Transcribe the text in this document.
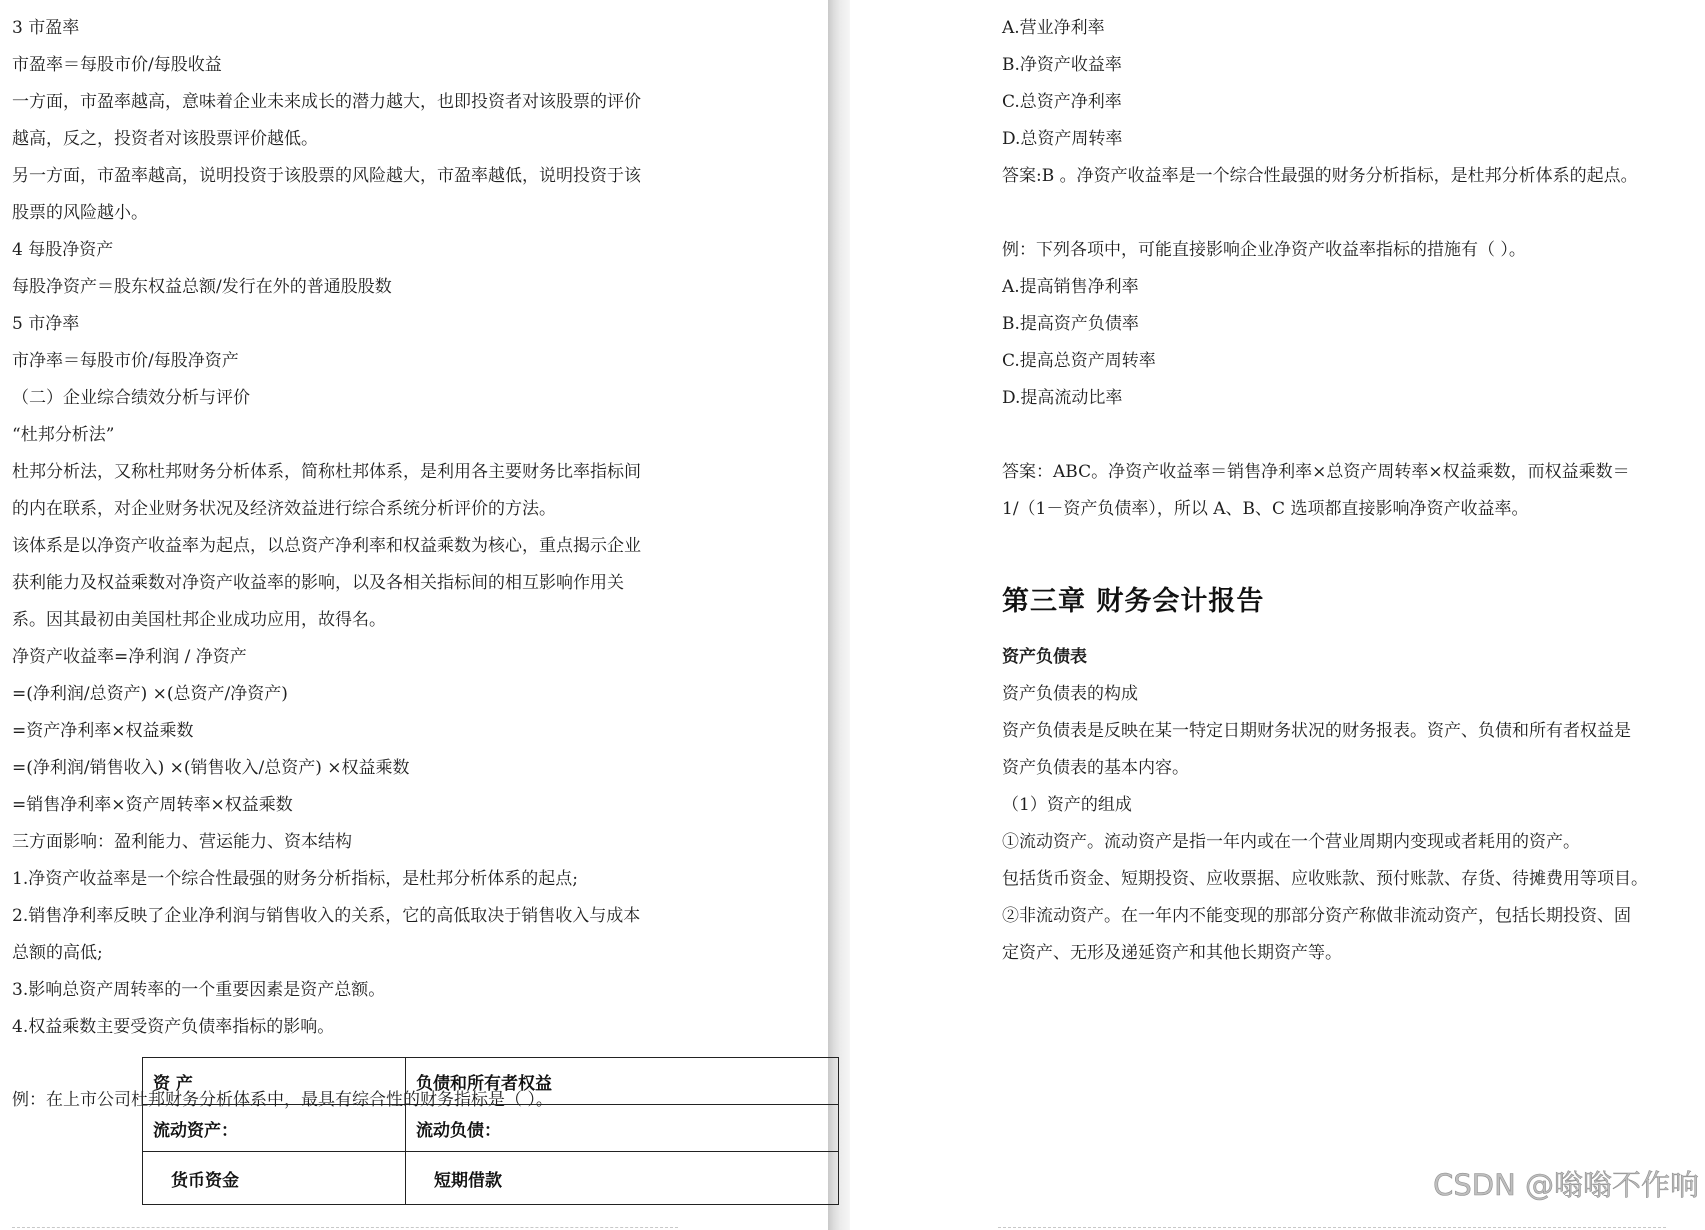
3 市盈率

市盈率＝每股市价/每股收益

一方面，市盈率越高，意味着企业未来成长的潜力越大，也即投资者对该股票的评价

越高，反之，投资者对该股票评价越低。

另一方面，市盈率越高，说明投资于该股票的风险越大，市盈率越低，说明投资于该

股票的风险越小。

4 每股净资产

每股净资产＝股东权益总额/发行在外的普通股股数

5 市净率

市净率＝每股市价/每股净资产

（二）企业综合绩效分析与评价

“杜邦分析法”

杜邦分析法，又称杜邦财务分析体系，简称杜邦体系，是利用各主要财务比率指标间

的内在联系，对企业财务状况及经济效益进行综合系统分析评价的方法。

该体系是以净资产收益率为起点，以总资产净利率和权益乘数为核心，重点揭示企业

获利能力及权益乘数对净资产收益率的影响，以及各相关指标间的相互影响作用关

系。因其最初由美国杜邦企业成功应用，故得名。

净资产收益率=净利润 / 净资产

=(净利润/总资产) ×(总资产/净资产)

=资产净利率×权益乘数

=(净利润/销售收入) ×(销售收入/总资产) ×权益乘数

=销售净利率×资产周转率×权益乘数

三方面影响：盈利能力、营运能力、资本结构

1.净资产收益率是一个综合性最强的财务分析指标，是杜邦分析体系的起点;

2.销售净利率反映了企业净利润与销售收入的关系，它的高低取决于销售收入与成本

总额的高低;

3.影响总资产周转率的一个重要因素是资产总额。

4.权益乘数主要受资产负债率指标的影响。

例：在上市公司杜邦财务分析体系中，最具有综合性的财务指标是（ ）。

A.营业净利率

B.净资产收益率

C.总资产净利率

D.总资产周转率

答案:B 。净资产收益率是一个综合性最强的财务分析指标，是杜邦分析体系的起点。

例：下列各项中，可能直接影响企业净资产收益率指标的措施有（ ）。

A.提高销售净利率

B.提高资产负债率

C.提高总资产周转率

D.提高流动比率

答案：ABC。净资产收益率＝销售净利率×总资产周转率×权益乘数，而权益乘数＝

1/（1－资产负债率），所以 A、B、C 选项都直接影响净资产收益率。

第三章 财务会计报告

资产负债表

资产负债表的构成

资产负债表是反映在某一特定日期财务状况的财务报表。资产、负债和所有者权益是

资产负债表的基本内容。

（1）资产的组成

①流动资产。流动资产是指一年内或在一个营业周期内变现或者耗用的资产。

包括货币资金、短期投资、应收票据、应收账款、预付账款、存货、待摊费用等项目。

②非流动资产。在一年内不能变现的那部分资产称做非流动资产，包括长期投资、固

定资产、无形及递延资产和其他长期资产等。

资 产	负债和所有者权益
流动资产：	流动负债：
货币资金	短期借款	CSDN @嗡嗡不作响
